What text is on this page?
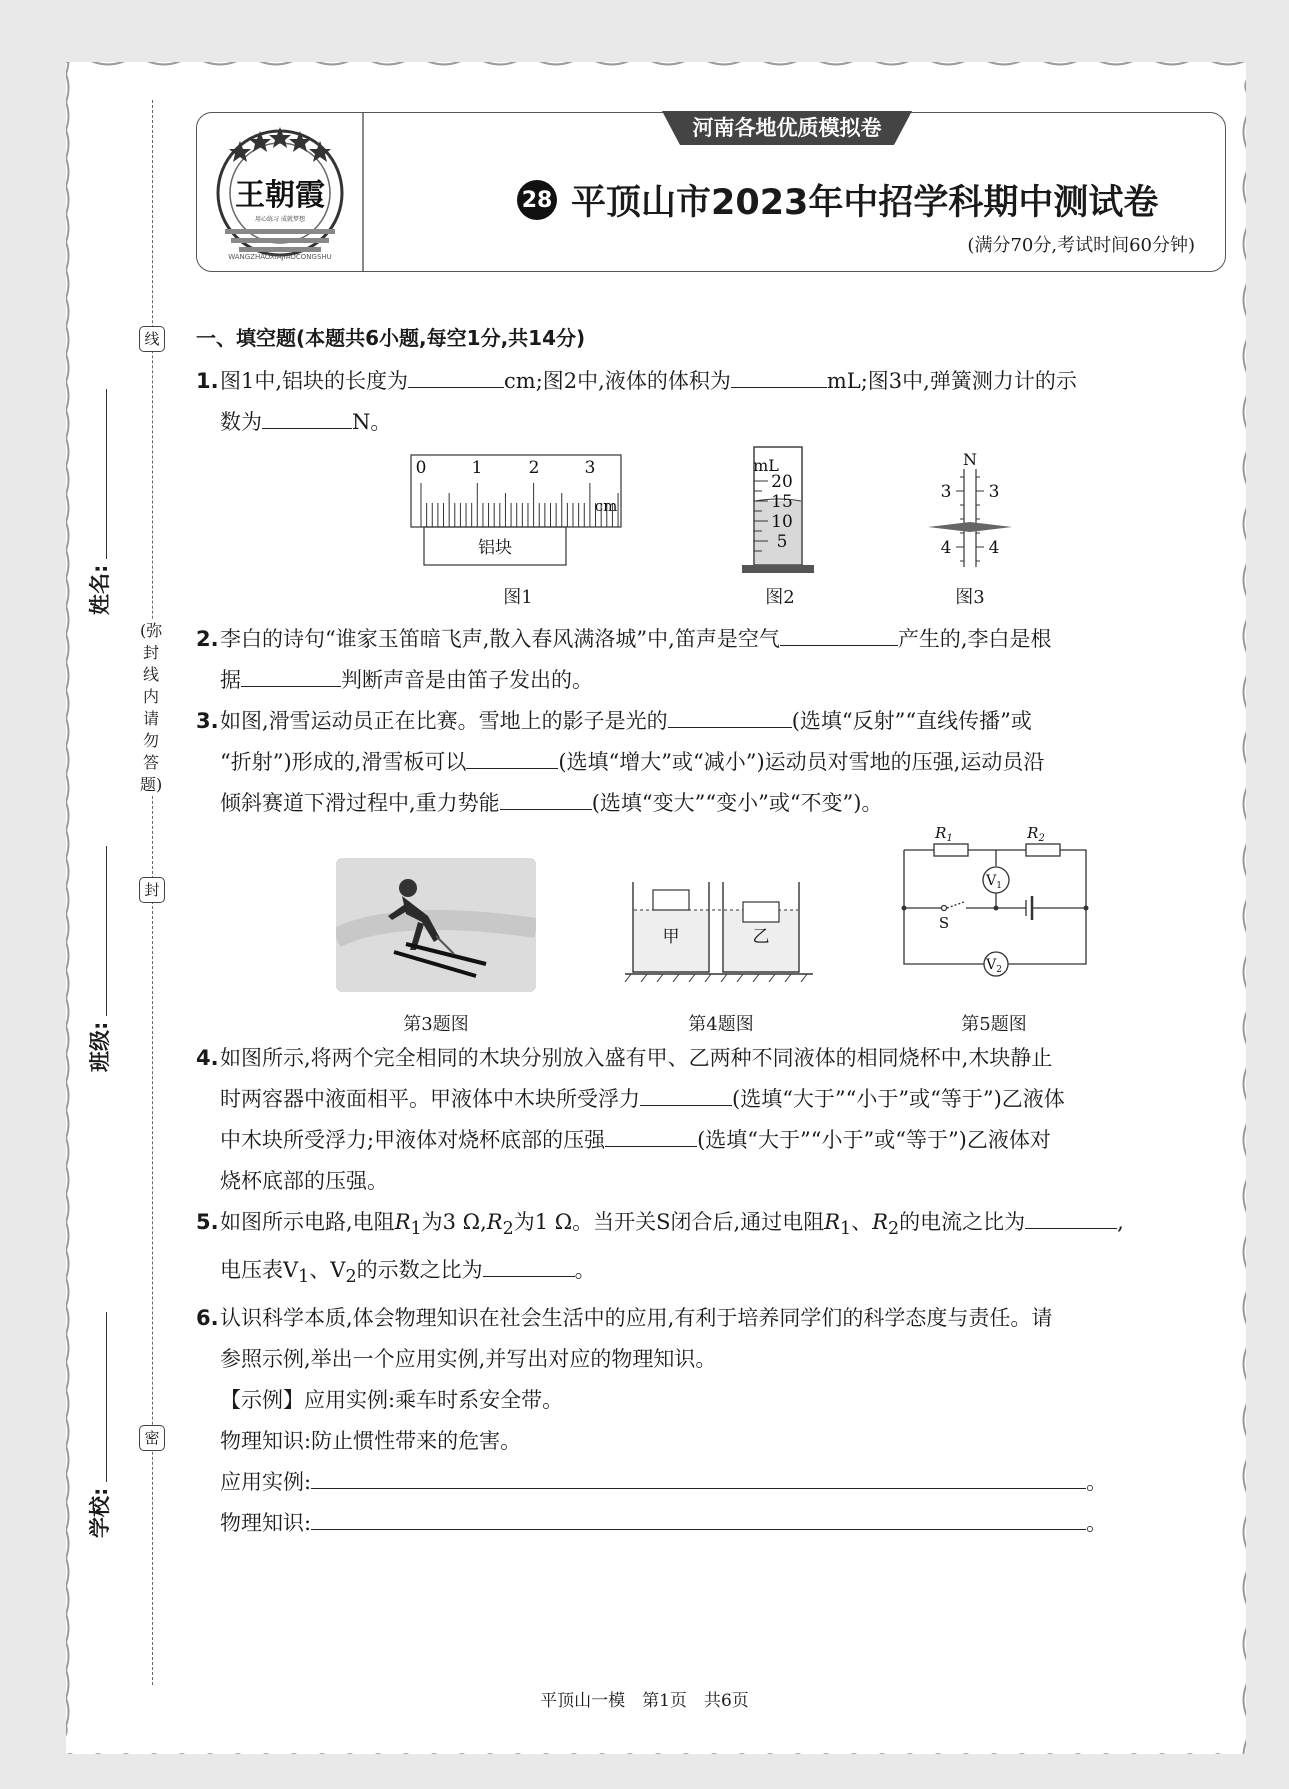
王朝霞
用心练习 成就梦想
WANGZHAOXIAJIAOCONGSHU
河南各地优质模拟卷
28 平顶山市2023年中招学科期中测试卷
(满分70分,考试时间60分钟)
线
(弥封线内请勿答题)
封
密
姓名:
班级:
学校:
一、填空题(本题共6小题,每空1分,共14分)
1. 图1中,铝块的长度为	cm;图2中,液体的体积为	mL;图3中,弹簧测力计的示
数为	N。
0	1	2	3
cm
铝块
图1
mL
20
15
10
5
图2
N
3 3
4 4
图3
2. 李白的诗句“谁家玉笛暗飞声,散入春风满洛城”中,笛声是空气	产生的,李白是根
据	判断声音是由笛子发出的。
3. 如图,滑雪运动员正在比赛。雪地上的影子是光的	(选填“反射”“直线传播”或
“折射”)形成的,滑雪板可以	(选填“增大”或“减小”)运动员对雪地的压强,运动员沿
倾斜赛道下滑过程中,重力势能	(选填“变大”“变小”或“不变”)。
第3题图
甲	乙
第4题图
$R_1$	$R_2$
$V_1$
$V_2$
S
第5题图
4. 如图所示,将两个完全相同的木块分别放入盛有甲、乙两种不同液体的相同烧杯中,木块静止
时两容器中液面相平。甲液体中木块所受浮力	(选填“大于”“小于”或“等于”)乙液体
中木块所受浮力;甲液体对烧杯底部的压强	(选填“大于”“小于”或“等于”)乙液体对
烧杯底部的压强。
5. 如图所示电路,电阻$R_1$为3 $\Omega,R_2$为1 Ω。当开关S闭合后,通过电阻$R_1$、$R_2$的电流之比为	,
电压表$V_1$、$V_2$的示数之比为	。
6. 认识科学本质,体会物理知识在社会生活中的应用,有利于培养同学们的科学态度与责任。请
参照示例,举出一个应用实例,并写出对应的物理知识。
【示例】应用实例:乘车时系安全带。
物理知识:防止惯性带来的危害。
应用实例:	。
物理知识:	。
平顶山一模　第1页　共6页
